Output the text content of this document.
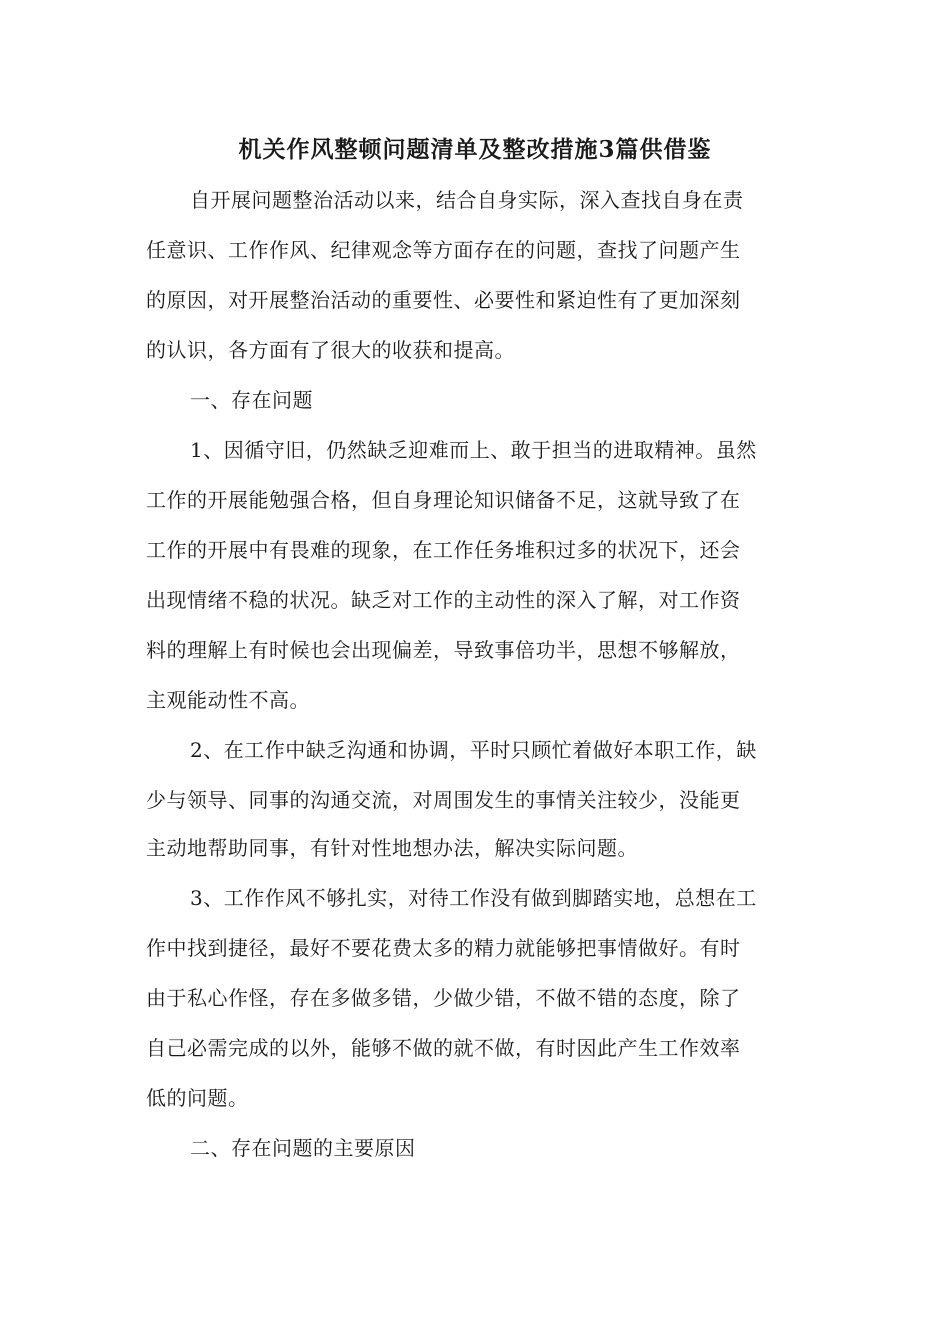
机关作风整顿问题清单及整改措施3篇供借鉴
自开展问题整治活动以来，结合自身实际，深入查找自身在责
任意识、工作作风、纪律观念等方面存在的问题，查找了问题产生
的原因，对开展整治活动的重要性、必要性和紧迫性有了更加深刻
的认识，各方面有了很大的收获和提高。
一、存在问题
1、因循守旧，仍然缺乏迎难而上、敢于担当的进取精神。虽然
工作的开展能勉强合格，但自身理论知识储备不足，这就导致了在
工作的开展中有畏难的现象，在工作任务堆积过多的状况下，还会
出现情绪不稳的状况。缺乏对工作的主动性的深入了解，对工作资
料的理解上有时候也会出现偏差，导致事倍功半，思想不够解放，
主观能动性不高。
2、在工作中缺乏沟通和协调，平时只顾忙着做好本职工作，缺
少与领导、同事的沟通交流，对周围发生的事情关注较少，没能更
主动地帮助同事，有针对性地想办法，解决实际问题。
3、工作作风不够扎实，对待工作没有做到脚踏实地，总想在工
作中找到捷径，最好不要花费太多的精力就能够把事情做好。有时
由于私心作怪，存在多做多错，少做少错，不做不错的态度，除了
自己必需完成的以外，能够不做的就不做，有时因此产生工作效率
低的问题。
二、存在问题的主要原因
